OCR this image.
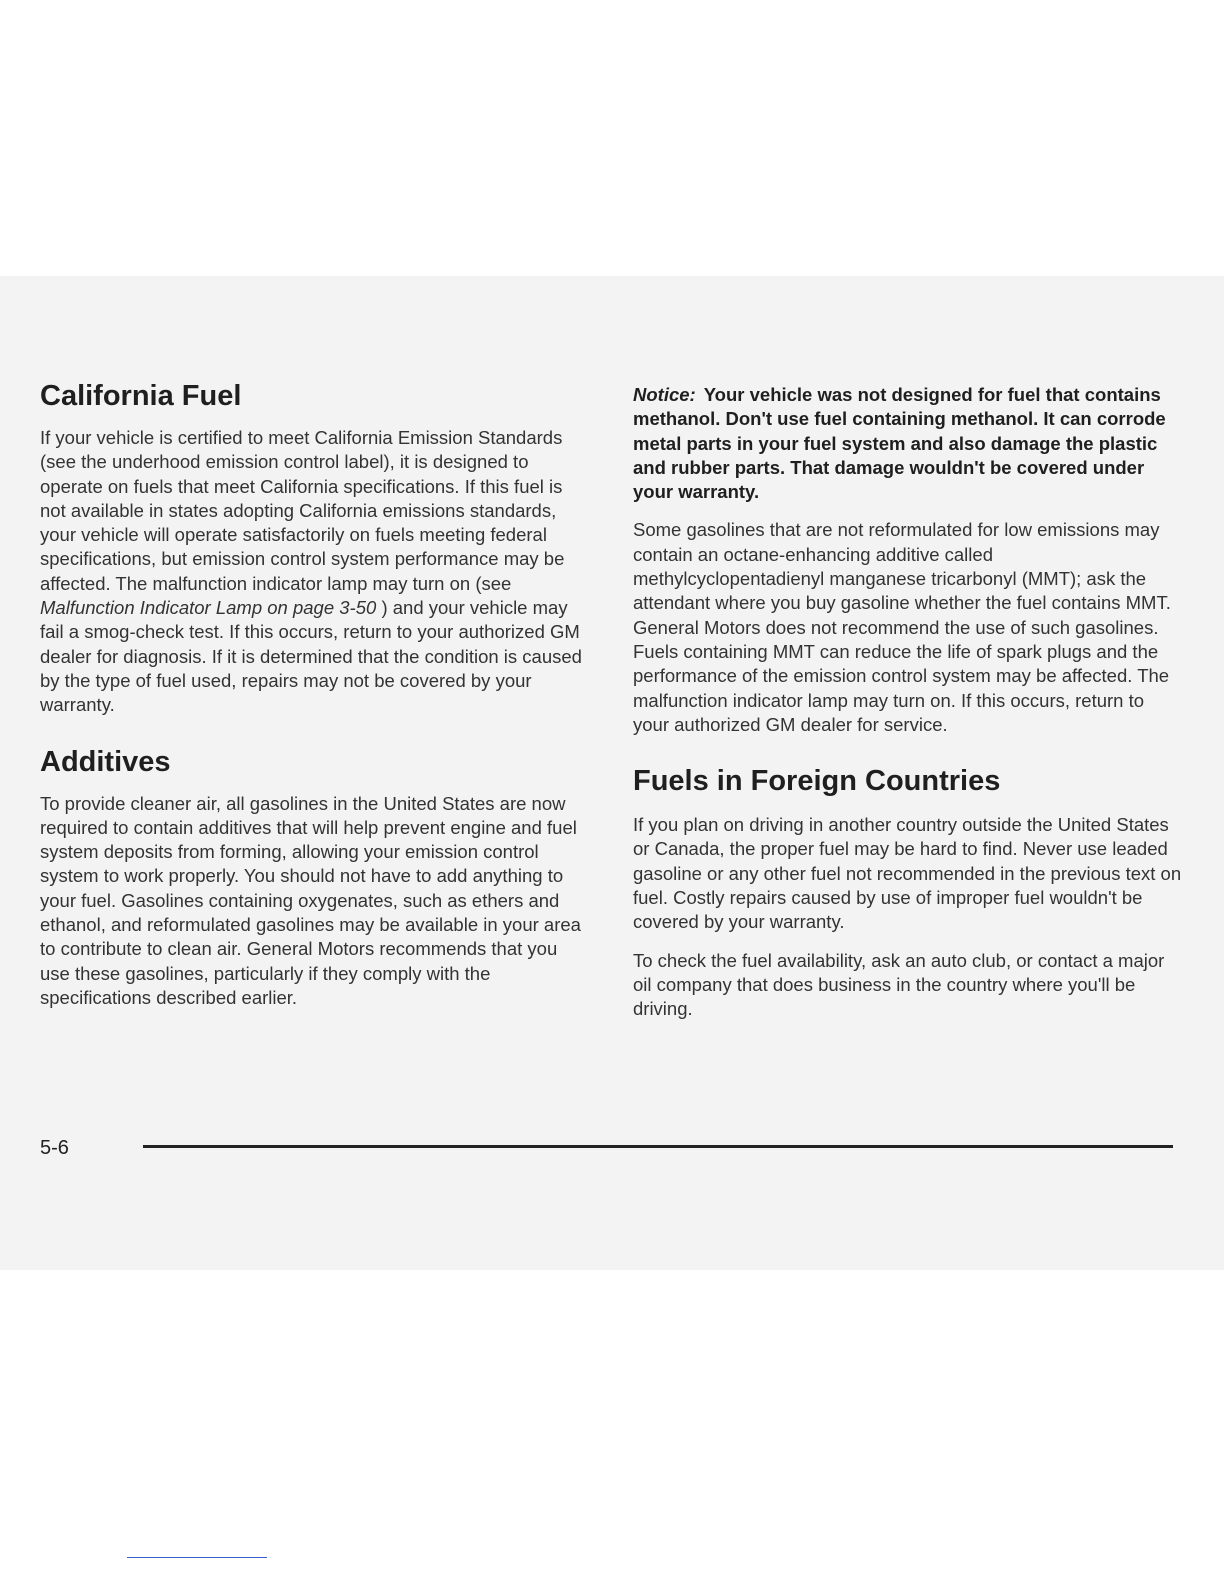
California Fuel

If your vehicle is certified to meet California Emission Standards (see the underhood emission control label), it is designed to operate on fuels that meet California specifications. If this fuel is not available in states adopting California emissions standards, your vehicle will operate satisfactorily on fuels meeting federal specifications, but emission control system performance may be affected. The malfunction indicator lamp may turn on (see Malfunction Indicator Lamp on page 3-50 ) and your vehicle may fail a smog-check test. If this occurs, return to your authorized GM dealer for diagnosis. If it is determined that the condition is caused by the type of fuel used, repairs may not be covered by your warranty.

Additives

To provide cleaner air, all gasolines in the United States are now required to contain additives that will help prevent engine and fuel system deposits from forming, allowing your emission control system to work properly. You should not have to add anything to your fuel. Gasolines containing oxygenates, such as ethers and ethanol, and reformulated gasolines may be available in your area to contribute to clean air. General Motors recommends that you use these gasolines, particularly if they comply with the specifications described earlier.

Notice: Your vehicle was not designed for fuel that contains methanol. Don't use fuel containing methanol. It can corrode metal parts in your fuel system and also damage the plastic and rubber parts. That damage wouldn't be covered under your warranty.

Some gasolines that are not reformulated for low emissions may contain an octane-enhancing additive called methylcyclopentadienyl manganese tricarbonyl (MMT); ask the attendant where you buy gasoline whether the fuel contains MMT. General Motors does not recommend the use of such gasolines. Fuels containing MMT can reduce the life of spark plugs and the performance of the emission control system may be affected. The malfunction indicator lamp may turn on. If this occurs, return to your authorized GM dealer for service.

Fuels in Foreign Countries

If you plan on driving in another country outside the United States or Canada, the proper fuel may be hard to find. Never use leaded gasoline or any other fuel not recommended in the previous text on fuel. Costly repairs caused by use of improper fuel wouldn't be covered by your warranty.

To check the fuel availability, ask an auto club, or contact a major oil company that does business in the country where you'll be driving.

5-6
